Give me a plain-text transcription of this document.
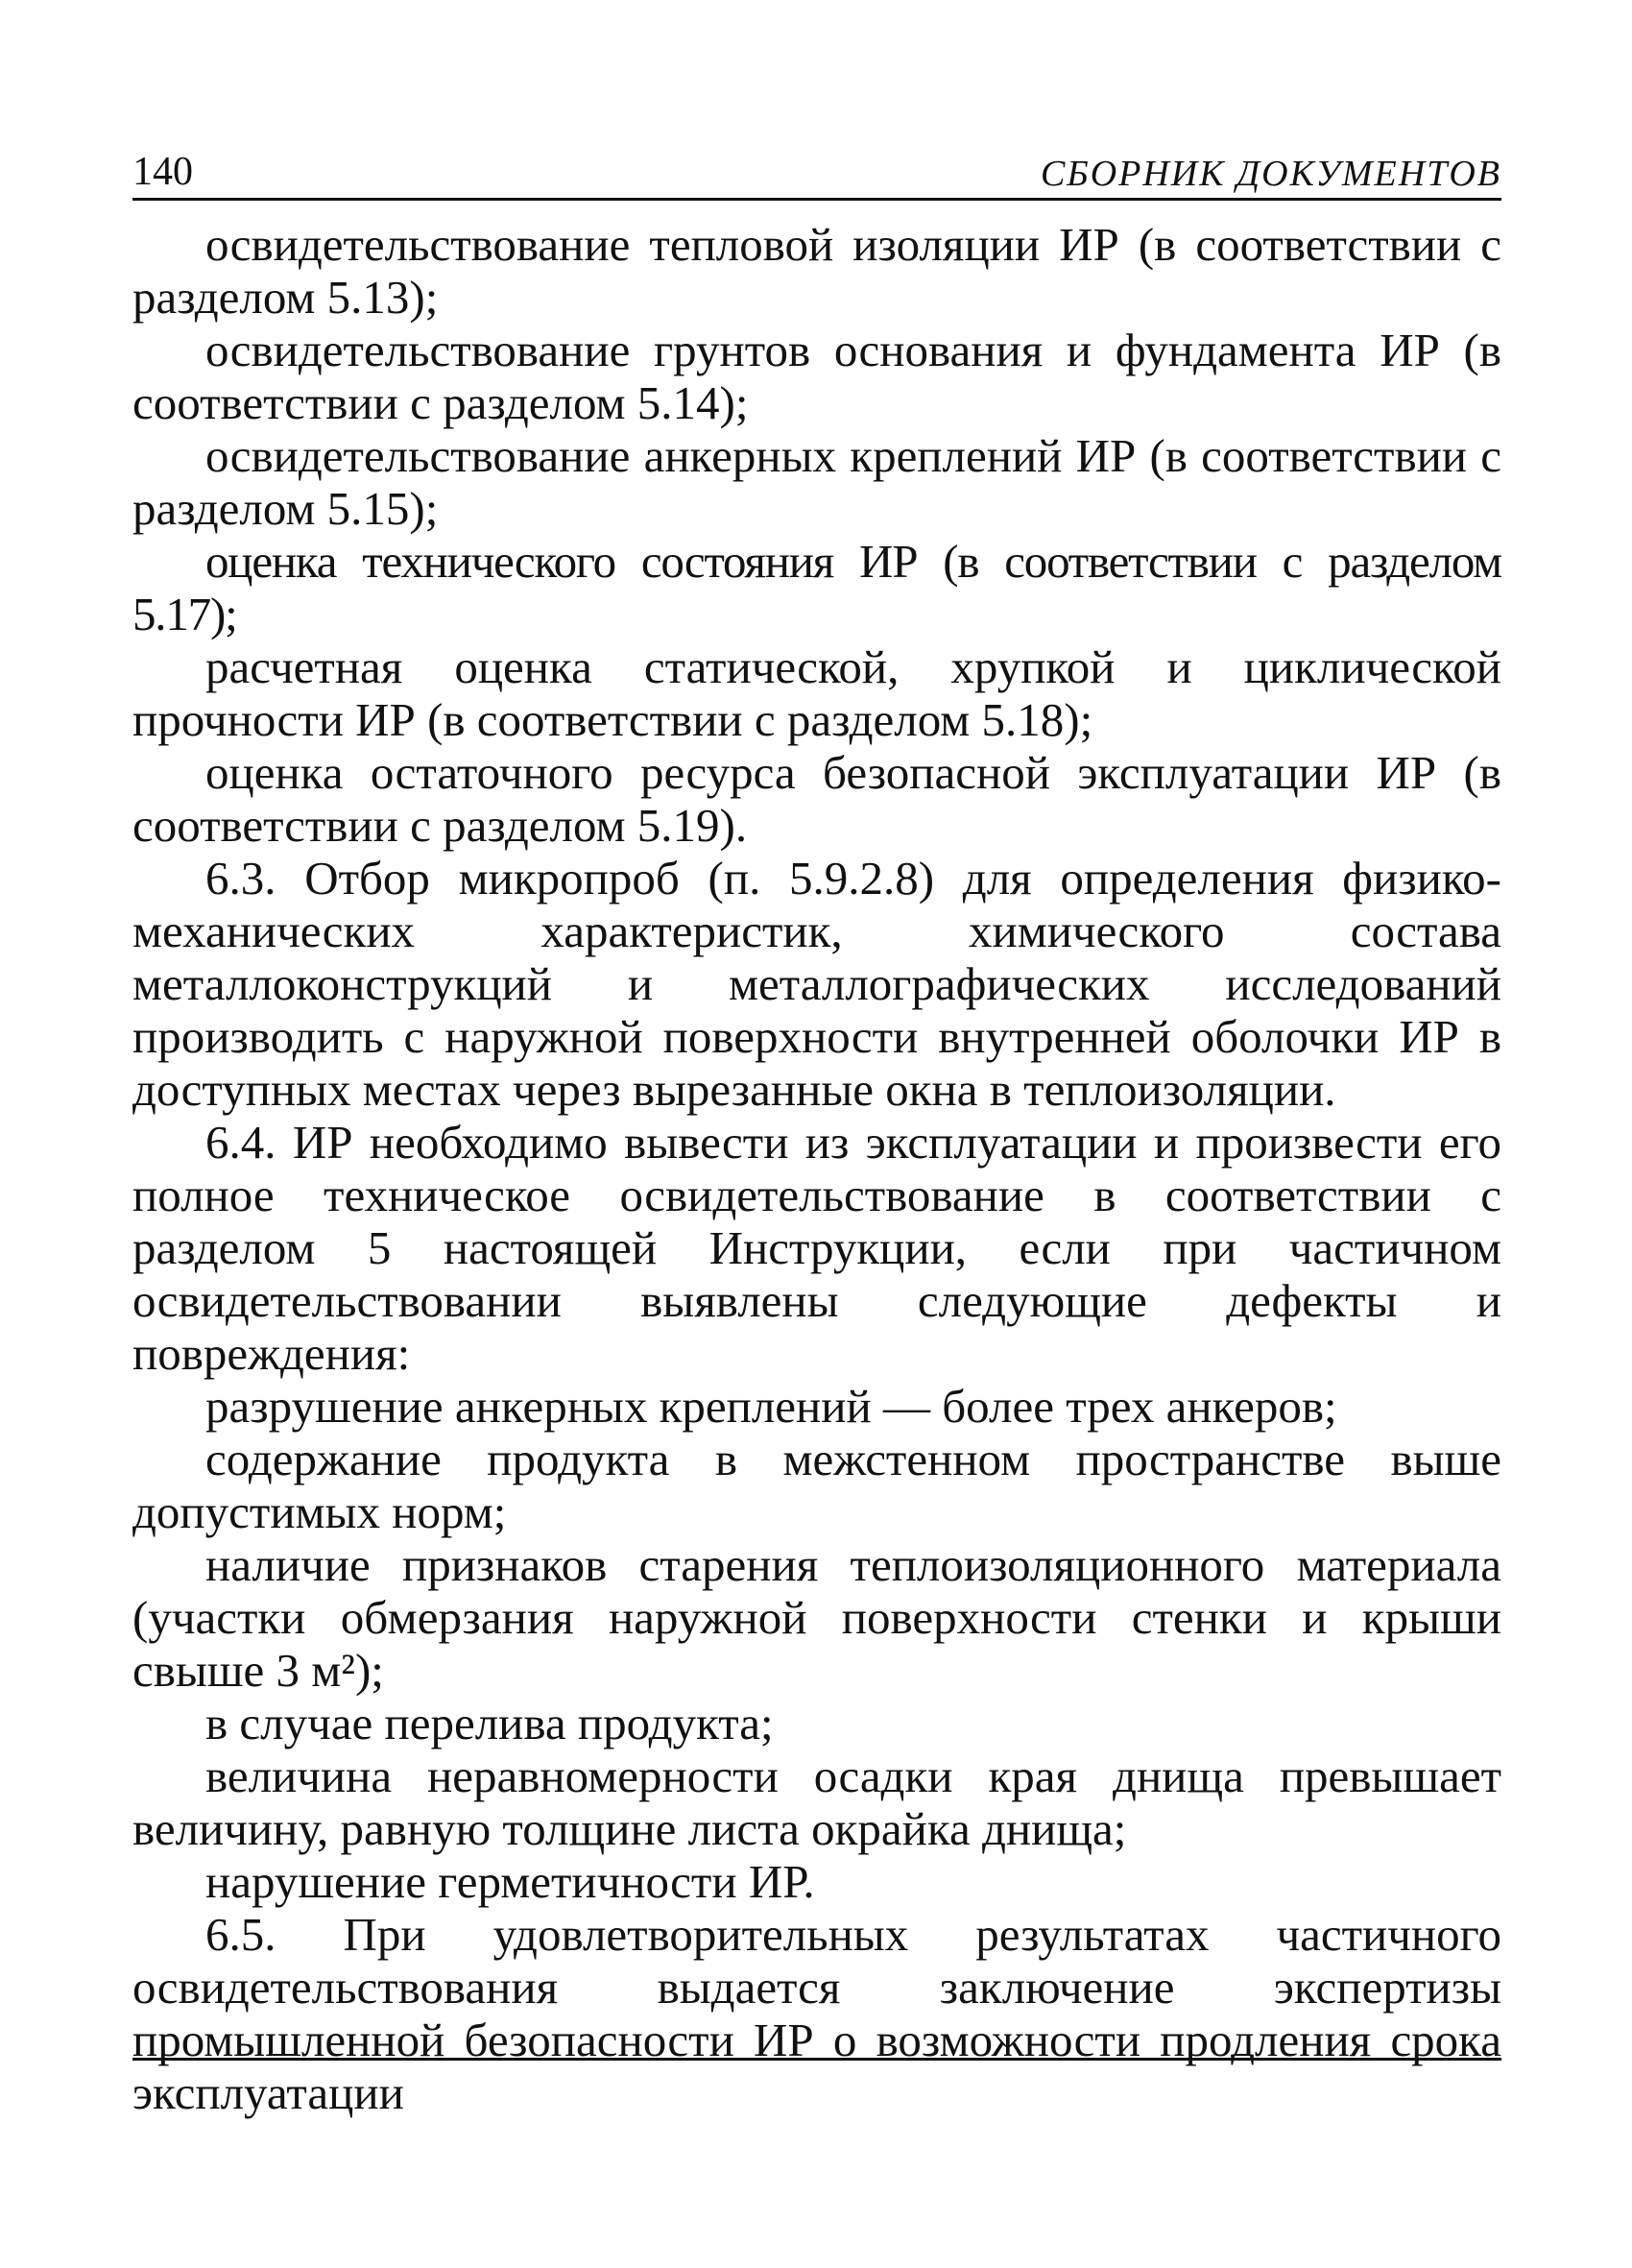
140	СБОРНИК ДОКУМЕНТОВ

освидетельствование тепловой изоляции ИР (в соответствии с разделом 5.13);

освидетельствование грунтов основания и фундамента ИР (в соответствии с разделом 5.14);

освидетельствование анкерных креплений ИР (в соответствии с разделом 5.15);

оценка технического состояния ИР (в соответствии с разделом 5.17);

расчетная оценка статической, хрупкой и циклической прочности ИР (в соответствии с разделом 5.18);

оценка остаточного ресурса безопасной эксплуатации ИР (в соответствии с разделом 5.19).

6.3. Отбор микропроб (п. 5.9.2.8) для определения физико-механических характеристик, химического состава металлоконструкций и металлографических исследований производить с наружной поверхности внутренней оболочки ИР в доступных местах через вырезанные окна в теплоизоляции.

6.4. ИР необходимо вывести из эксплуатации и произвести его полное техническое освидетельствование в соответствии с разделом 5 настоящей Инструкции, если при частичном освидетельствовании выявлены следующие дефекты и повреждения:

разрушение анкерных креплений — более трех анкеров;

содержание продукта в межстенном пространстве выше допустимых норм;

наличие признаков старения теплоизоляционного материала (участки обмерзания наружной поверхности стенки и крыши свыше 3 м²);

в случае перелива продукта;

величина неравномерности осадки края днища превышает величину, равную толщине листа окрайка днища;

нарушение герметичности ИР.

6.5. При удовлетворительных результатах частичного освидетельствования выдается заключение экспертизы промышленной безопасности ИР о возможности продления срока эксплуатации
